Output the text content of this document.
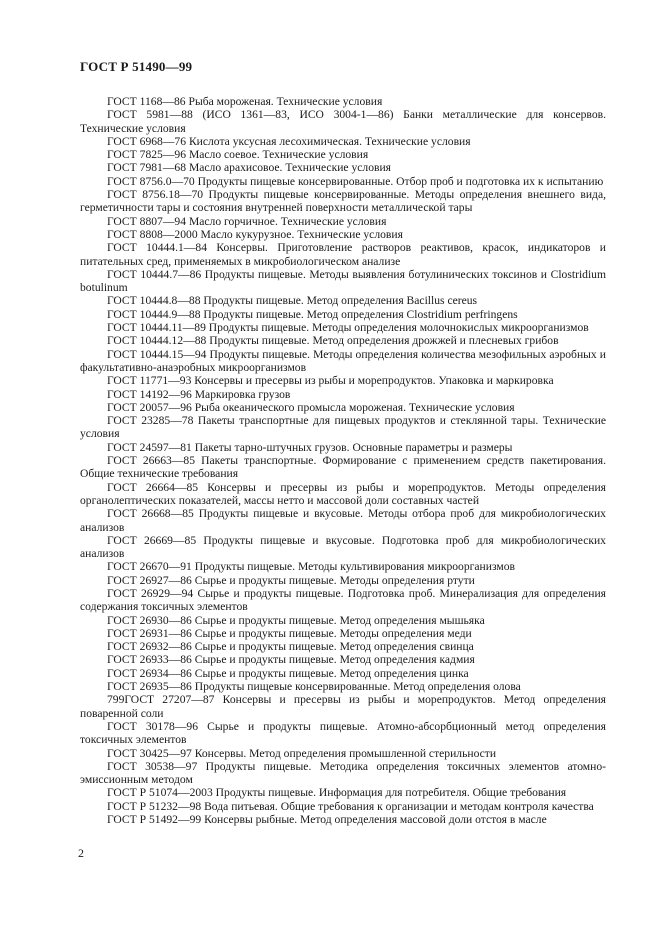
ГОСТ Р 51490—99

ГОСТ 1168—86 Рыба мороженая. Технические условия

ГОСТ 5981—88 (ИСО 1361—83, ИСО 3004-1—86) Банки металлические для консервов. Технические условия

ГОСТ 6968—76 Кислота уксусная лесохимическая. Технические условия

ГОСТ 7825—96 Масло соевое. Технические условия

ГОСТ 7981—68 Масло арахисовое. Технические условия

ГОСТ 8756.0—70 Продукты пищевые консервированные. Отбор проб и подготовка их к испытанию

ГОСТ 8756.18—70 Продукты пищевые консервированные. Методы определения внешнего вида, герметичности тары и состояния внутренней поверхности металлической тары

ГОСТ 8807—94 Масло горчичное. Технические условия

ГОСТ 8808—2000 Масло кукурузное. Технические условия

ГОСТ 10444.1—84 Консервы. Приготовление растворов реактивов, красок, индикаторов и питательных сред, применяемых в микробиологическом анализе

ГОСТ 10444.7—86 Продукты пищевые. Методы выявления ботулинических токсинов и Clostridium botulinum

ГОСТ 10444.8—88 Продукты пищевые. Метод определения Bacillus cereus

ГОСТ 10444.9—88 Продукты пищевые. Метод определения Clostridium perfringens

ГОСТ 10444.11—89 Продукты пищевые. Методы определения молочнокислых микроорганизмов

ГОСТ 10444.12—88 Продукты пищевые. Метод определения дрожжей и плесневых грибов

ГОСТ 10444.15—94 Продукты пищевые. Методы определения количества мезофильных аэробных и факультативно-анаэробных микроорганизмов

ГОСТ 11771—93 Консервы и пресервы из рыбы и морепродуктов. Упаковка и маркировка

ГОСТ 14192—96 Маркировка грузов

ГОСТ 20057—96 Рыба океанического промысла мороженая. Технические условия

ГОСТ 23285—78 Пакеты транспортные для пищевых продуктов и стеклянной тары. Технические условия

ГОСТ 24597—81 Пакеты тарно-штучных грузов. Основные параметры и размеры

ГОСТ 26663—85 Пакеты транспортные. Формирование с применением средств пакетирования. Общие технические требования

ГОСТ 26664—85 Консервы и пресервы из рыбы и морепродуктов. Методы определения органолептических показателей, массы нетто и массовой доли составных частей

ГОСТ 26668—85 Продукты пищевые и вкусовые. Методы отбора проб для микробиологических анализов

ГОСТ 26669—85 Продукты пищевые и вкусовые. Подготовка проб для микробиологических анализов

ГОСТ 26670—91 Продукты пищевые. Методы культивирования микроорганизмов

ГОСТ 26927—86 Сырье и продукты пищевые. Методы определения ртути

ГОСТ 26929—94 Сырье и продукты пищевые. Подготовка проб. Минерализация для определения содержания токсичных элементов

ГОСТ 26930—86 Сырье и продукты пищевые. Метод определения мышьяка

ГОСТ 26931—86 Сырье и продукты пищевые. Методы определения меди

ГОСТ 26932—86 Сырье и продукты пищевые. Метод определения свинца

ГОСТ 26933—86 Сырье и продукты пищевые. Метод определения кадмия

ГОСТ 26934—86 Сырье и продукты пищевые. Метод определения цинка

ГОСТ 26935—86 Продукты пищевые консервированные. Метод определения олова

799ГОСТ 27207—87 Консервы и пресервы из рыбы и морепродуктов. Метод определения поваренной соли

ГОСТ 30178—96 Сырье и продукты пищевые. Атомно-абсорбционный метод определения токсичных элементов

ГОСТ 30425—97 Консервы. Метод определения промышленной стерильности

ГОСТ 30538—97 Продукты пищевые. Методика определения токсичных элементов атомно-эмиссионным методом

ГОСТ Р 51074—2003 Продукты пищевые. Информация для потребителя. Общие требования

ГОСТ Р 51232—98 Вода питьевая. Общие требования к организации и методам контроля качества

ГОСТ Р 51492—99 Консервы рыбные. Метод определения массовой доли отстоя в масле

2
